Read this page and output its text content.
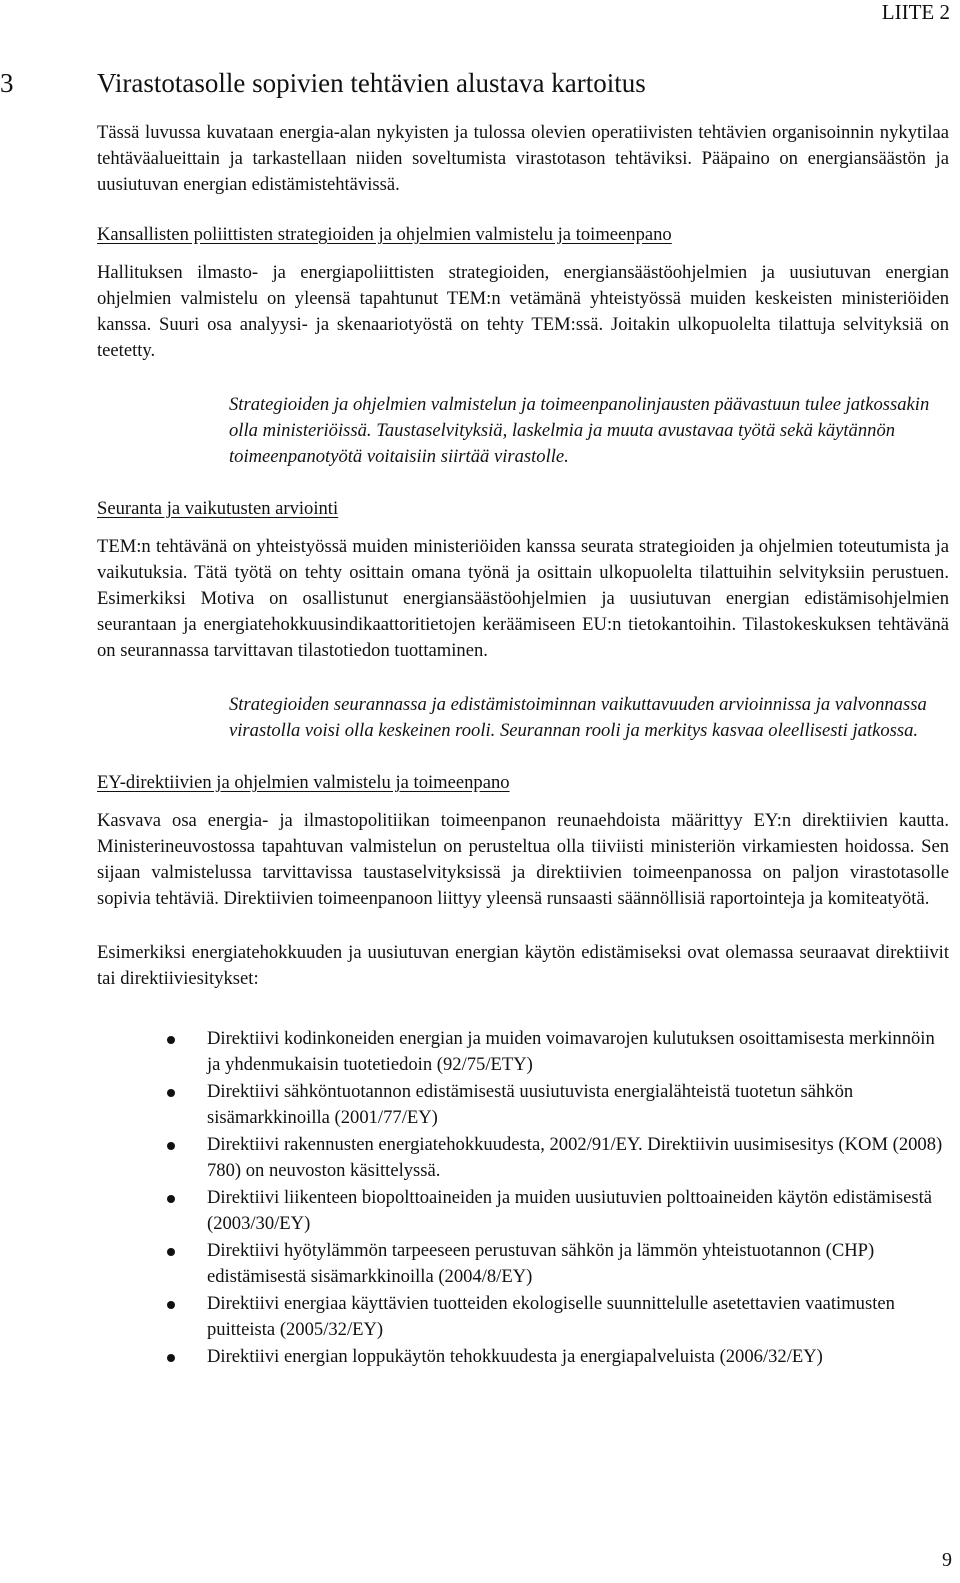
LIITE 2
3	Virastotasolle sopivien tehtävien alustava kartoitus

Tässä luvussa kuvataan energia-alan nykyisten ja tulossa olevien operatiivisten tehtävien organisoinnin nykytilaa tehtäväalueittain ja tarkastellaan niiden soveltumista virastotason tehtäviksi. Pääpaino on energiansäästön ja uusiutuvan energian edistämistehtävissä.

Kansallisten poliittisten strategioiden ja ohjelmien valmistelu ja toimeenpano

Hallituksen ilmasto- ja energiapoliittisten strategioiden, energiansäästöohjelmien ja uusiutuvan energian ohjelmien valmistelu on yleensä tapahtunut TEM:n vetämänä yhteistyössä muiden keskeisten ministeriöiden kanssa. Suuri osa analyysi- ja skenaariotyöstä on tehty TEM:ssä. Joitakin ulkopuolelta tilattuja selvityksiä on teetetty.

Strategioiden ja ohjelmien valmistelun ja toimeenpanolinjausten päävastuun tulee jatkossakin olla ministeriöissä. Taustaselvityksiä, laskelmia ja muuta avustavaa työtä sekä käytännön toimeenpanotyötä voitaisiin siirtää virastolle.

Seuranta ja vaikutusten arviointi

TEM:n tehtävänä on yhteistyössä muiden ministeriöiden kanssa seurata strategioiden ja ohjelmien toteutumista ja vaikutuksia. Tätä työtä on tehty osittain omana työnä ja osittain ulkopuolelta tilattuihin selvityksiin perustuen. Esimerkiksi Motiva on osallistunut energiansäästöohjelmien ja uusiutuvan energian edistämisohjelmien seurantaan ja energiatehokkuusindikaattoritietojen keräämiseen EU:n tietokantoihin. Tilastokeskuksen tehtävänä on seurannassa tarvittavan tilastotiedon tuottaminen.

Strategioiden seurannassa ja edistämistoiminnan vaikuttavuuden arvioinnissa ja valvonnassa virastolla voisi olla keskeinen rooli. Seurannan rooli ja merkitys kasvaa oleellisesti jatkossa.

EY-direktiivien ja ohjelmien valmistelu ja toimeenpano

Kasvava osa energia- ja ilmastopolitiikan toimeenpanon reunaehdoista määrittyy EY:n direktiivien kautta. Ministerineuvostossa tapahtuvan valmistelun on perusteltua olla tiiviisti ministeriön virkamiesten hoidossa. Sen sijaan valmistelussa tarvittavissa taustaselvityksissä ja direktiivien toimeenpanossa on paljon virastotasolle sopivia tehtäviä. Direktiivien toimeenpanoon liittyy yleensä runsaasti säännöllisiä raportointeja ja komiteatyötä.

Esimerkiksi energiatehokkuuden ja uusiutuvan energian käytön edistämiseksi ovat olemassa seuraavat direktiivit tai direktiiviesitykset:

Direktiivi kodinkoneiden energian ja muiden voimavarojen kulutuksen osoittamisesta merkinnöin ja yhdenmukaisin tuotetiedoin (92/75/ETY)
Direktiivi sähköntuotannon edistämisestä uusiutuvista energialähteistä tuotetun sähkön sisämarkkinoilla (2001/77/EY)
Direktiivi rakennusten energiatehokkuudesta, 2002/91/EY. Direktiivin uusimisesitys (KOM (2008) 780) on neuvoston käsittelyssä.
Direktiivi liikenteen biopolttoaineiden ja muiden uusiutuvien polttoaineiden käytön edistämisestä (2003/30/EY)
Direktiivi hyötylämmön tarpeeseen perustuvan sähkön ja lämmön yhteistuotannon (CHP) edistämisestä sisämarkkinoilla (2004/8/EY)
Direktiivi energiaa käyttävien tuotteiden ekologiselle suunnittelulle asetettavien vaatimusten puitteista (2005/32/EY)
Direktiivi energian loppukäytön tehokkuudesta ja energiapalveluista (2006/32/EY)
9
